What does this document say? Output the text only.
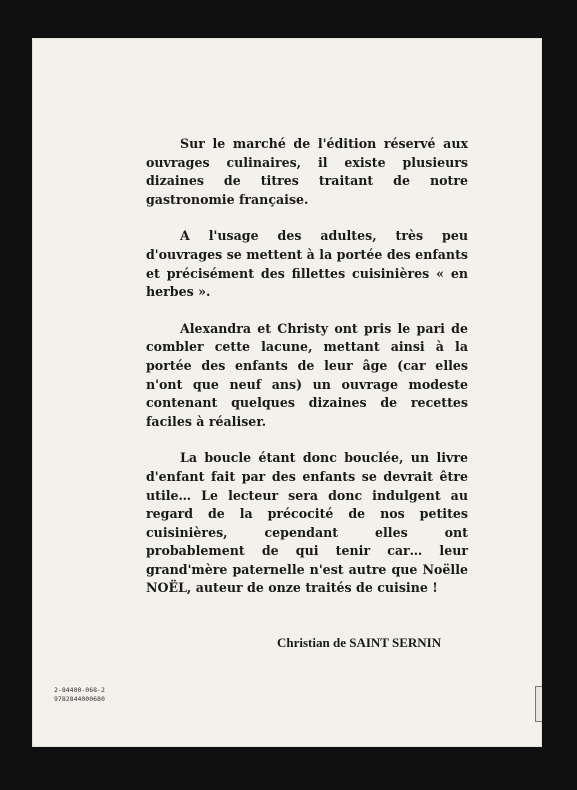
Sur le marché de l'édition réservé aux ouvrages culinaires, il existe plusieurs dizaines de titres traitant de notre gastronomie française.

A l'usage des adultes, très peu d'ouvrages se mettent à la portée des enfants et précisément des fillettes cuisinières « en herbes ».

Alexandra et Christy ont pris le pari de combler cette lacune, mettant ainsi à la portée des enfants de leur âge (car elles n'ont que neuf ans) un ouvrage modeste contenant quelques dizaines de recettes faciles à réaliser.

La boucle étant donc bouclée, un livre d'enfant fait par des enfants se devrait être utile… Le lecteur sera donc indulgent au regard de la précocité de nos petites cuisinières, cependant elles ont probablement de qui tenir car… leur grand'mère paternelle n'est autre que Noëlle NOËL, auteur de onze traités de cuisine !

Christian de SAINT SERNIN
2-84400-068-2
9782844000680
